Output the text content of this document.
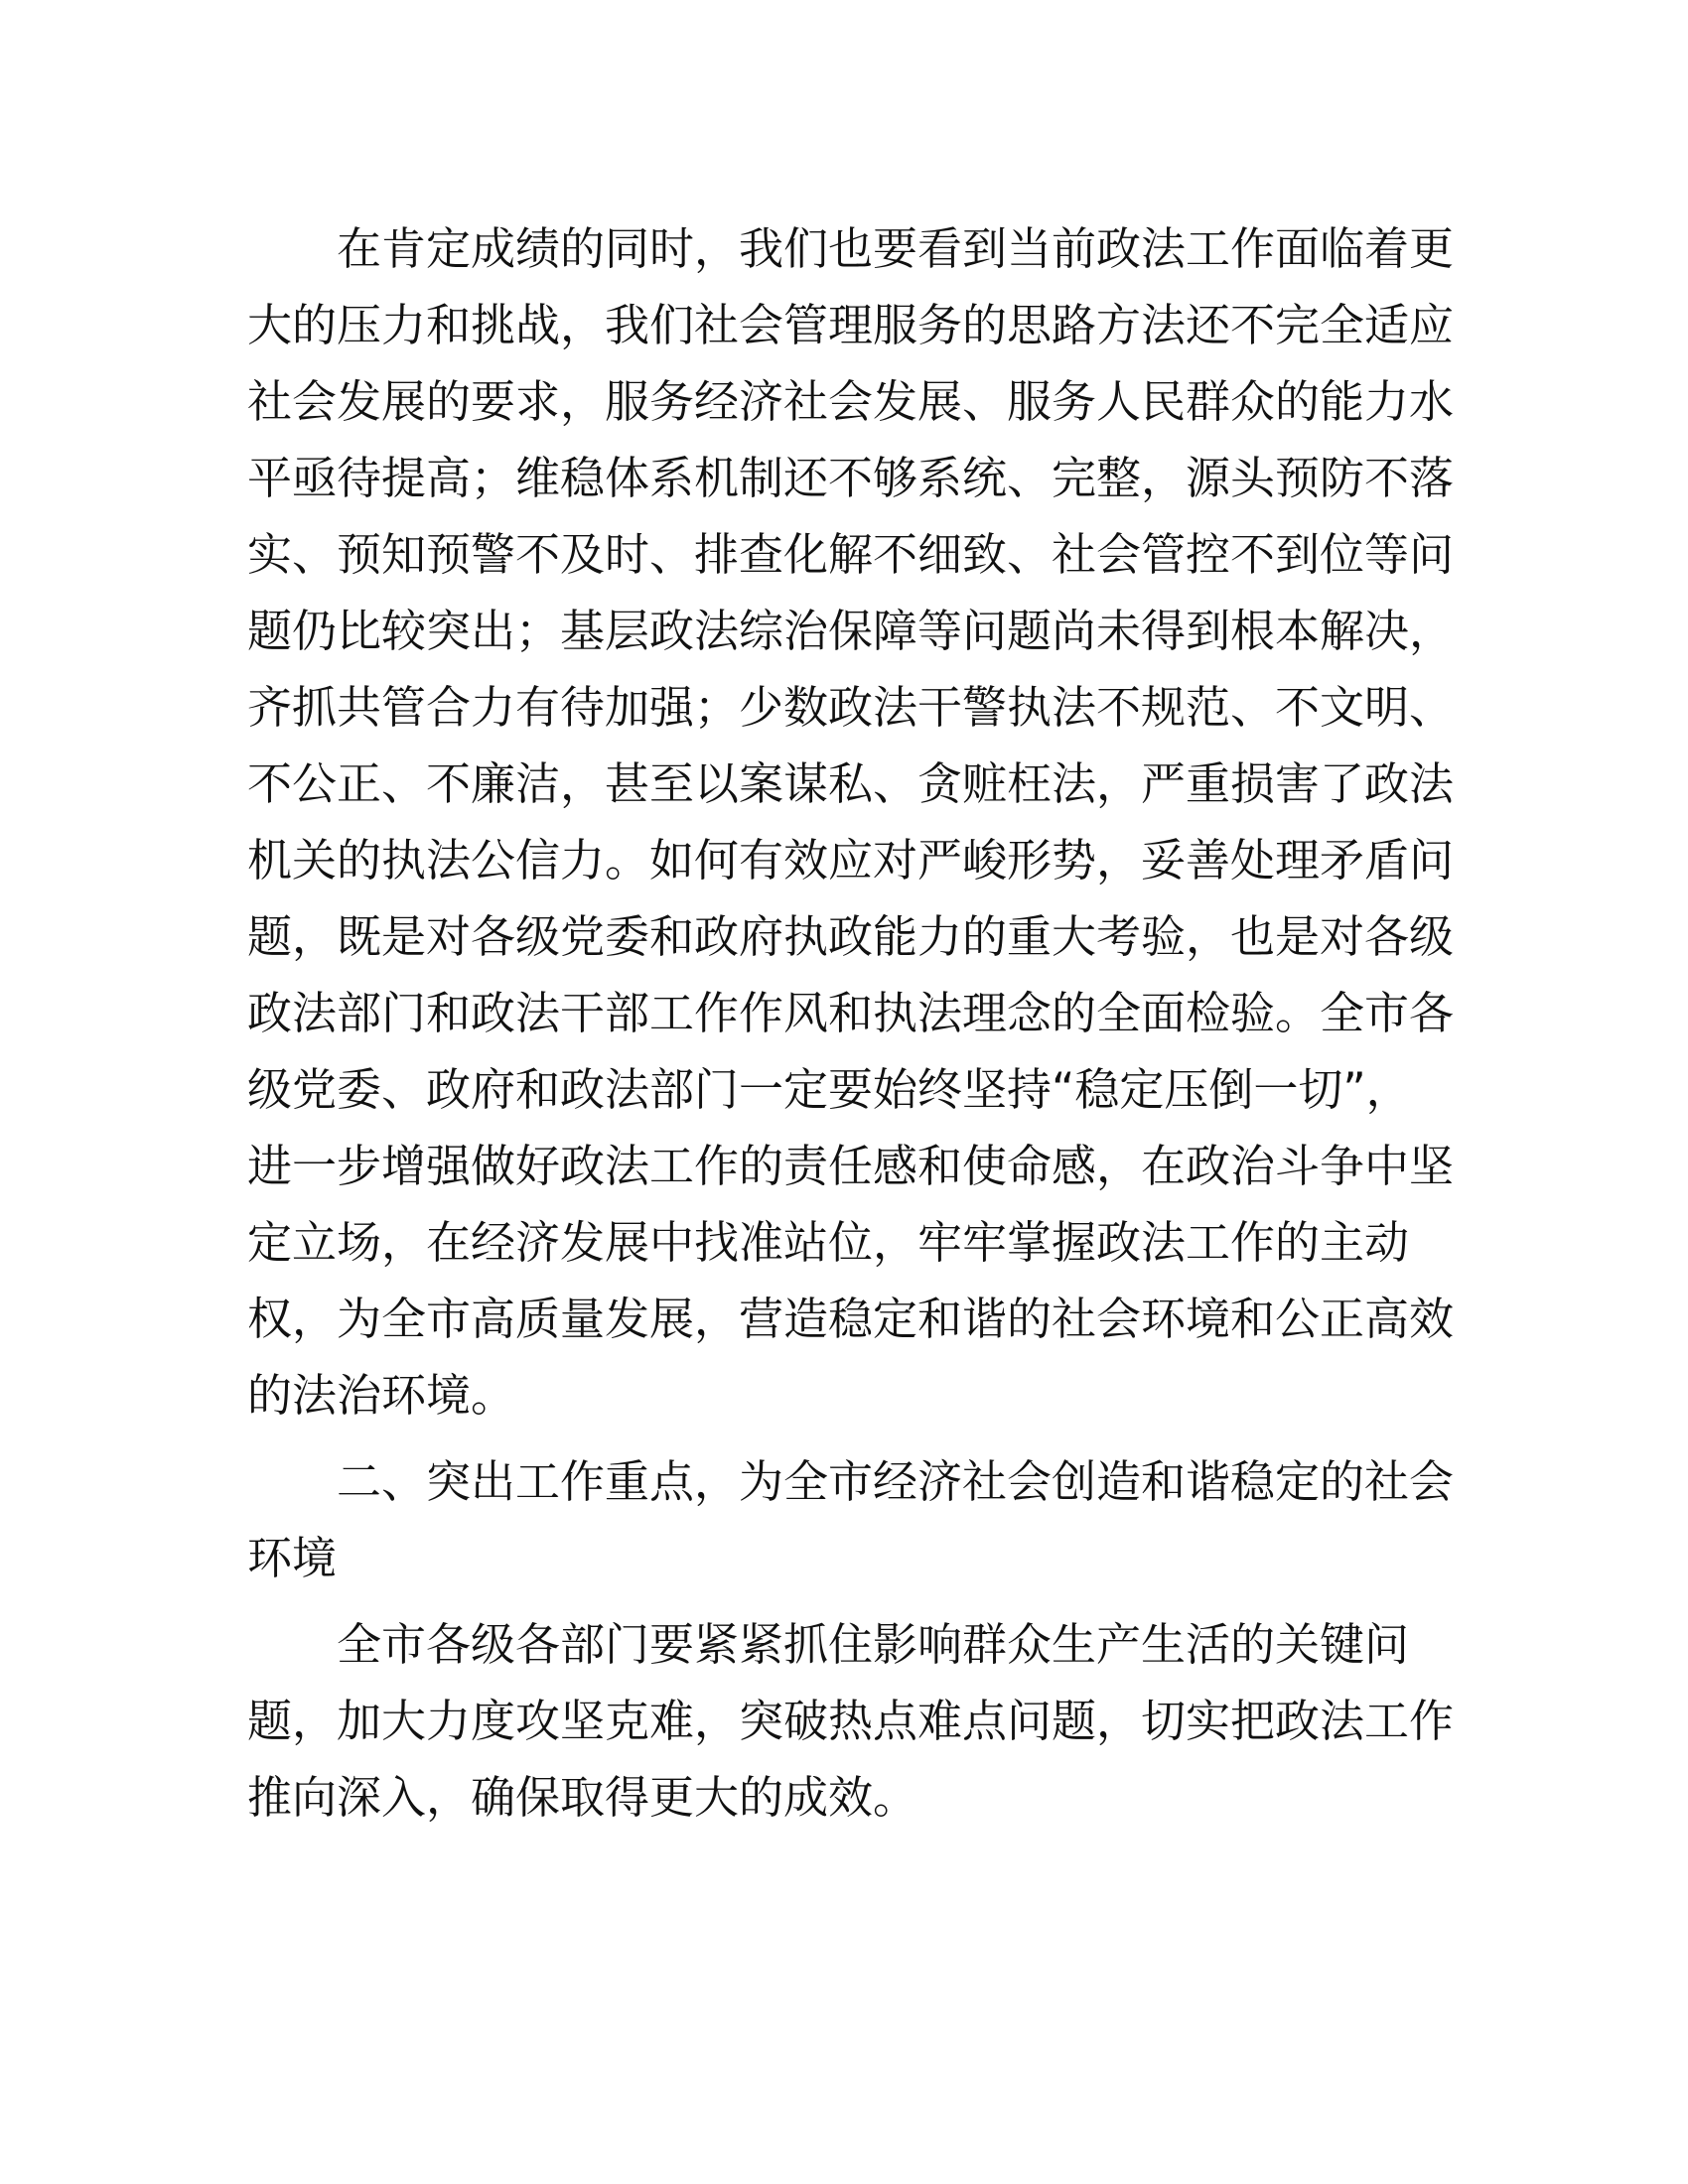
在肯定成绩的同时，我们也要看到当前政法工作面临着更
大的压力和挑战，我们社会管理服务的思路方法还不完全适应
社会发展的要求，服务经济社会发展、服务人民群众的能力水
平亟待提高；维稳体系机制还不够系统、完整，源头预防不落
实、预知预警不及时、排查化解不细致、社会管控不到位等问
题仍比较突出；基层政法综治保障等问题尚未得到根本解决，
齐抓共管合力有待加强；少数政法干警执法不规范、不文明、
不公正、不廉洁，甚至以案谋私、贪赃枉法，严重损害了政法
机关的执法公信力。如何有效应对严峻形势，妥善处理矛盾问
题，既是对各级党委和政府执政能力的重大考验，也是对各级
政法部门和政法干部工作作风和执法理念的全面检验。全市各
级党委、政府和政法部门一定要始终坚持“稳定压倒一切”，
进一步增强做好政法工作的责任感和使命感，在政治斗争中坚
定立场，在经济发展中找准站位，牢牢掌握政法工作的主动
权，为全市高质量发展，营造稳定和谐的社会环境和公正高效
的法治环境。

二、突出工作重点，为全市经济社会创造和谐稳定的社会
环境

全市各级各部门要紧紧抓住影响群众生产生活的关键问
题，加大力度攻坚克难，突破热点难点问题，切实把政法工作
推向深入，确保取得更大的成效。
